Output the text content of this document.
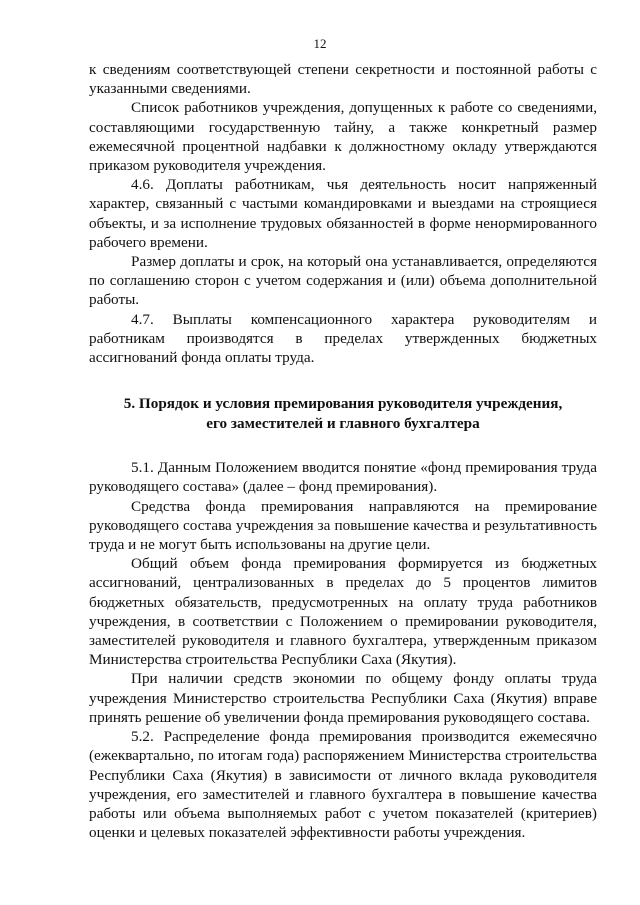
12

к сведениям соответствующей степени секретности и постоянной работы с указанными сведениями.

Список работников учреждения, допущенных к работе со сведениями, составляющими государственную тайну, а также конкретный размер ежемесячной процентной надбавки к должностному окладу утверждаются приказом руководителя учреждения.

4.6. Доплаты работникам, чья деятельность носит напряженный характер, связанный с частыми командировками и выездами на строящиеся объекты, и за исполнение трудовых обязанностей в форме ненормированного рабочего времени.

Размер доплаты и срок, на который она устанавливается, определяются по соглашению сторон с учетом содержания и (или) объема дополнительной работы.

4.7. Выплаты компенсационного характера руководителям и работникам производятся в пределах утвержденных бюджетных ассигнований фонда оплаты труда.

5. Порядок и условия премирования руководителя учреждения,
его заместителей и главного бухгалтера

5.1. Данным Положением вводится понятие «фонд премирования труда руководящего состава» (далее – фонд премирования).

Средства фонда премирования направляются на премирование руководящего состава учреждения за повышение качества и результативность труда и не могут быть использованы на другие цели.

Общий объем фонда премирования формируется из бюджетных ассигнований, централизованных в пределах до 5 процентов лимитов бюджетных обязательств, предусмотренных на оплату труда работников учреждения, в соответствии с Положением о премировании руководителя, заместителей руководителя и главного бухгалтера, утвержденным приказом Министерства строительства Республики Саха (Якутия).

При наличии средств экономии по общему фонду оплаты труда учреждения Министерство строительства Республики Саха (Якутия) вправе принять решение об увеличении фонда премирования руководящего состава.

5.2. Распределение фонда премирования производится ежемесячно (ежеквартально, по итогам года) распоряжением Министерства строительства Республики Саха (Якутия) в зависимости от личного вклада руководителя учреждения, его заместителей и главного бухгалтера в повышение качества работы или объема выполняемых работ с учетом показателей (критериев) оценки и целевых показателей эффективности работы учреждения.
